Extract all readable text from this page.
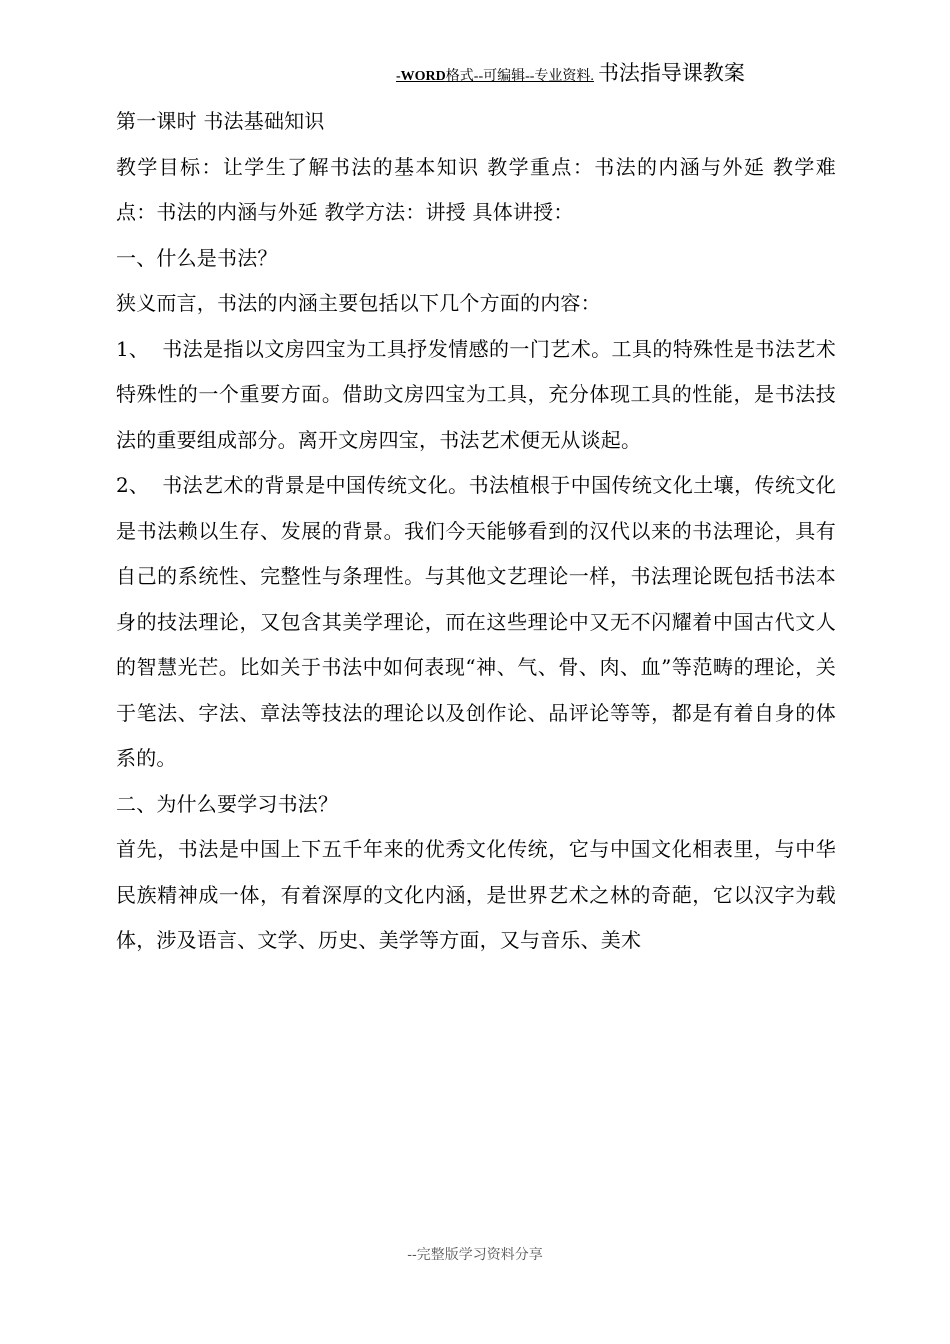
-WORD格式--可编辑--专业资料. 书法指导课教案

第一课时 书法基础知识

教学目标：让学生了解书法的基本知识 教学重点：书法的内涵与外延 教学难点：书法的内涵与外延 教学方法：讲授 具体讲授：

一、什么是书法？

狭义而言，书法的内涵主要包括以下几个方面的内容：

1、 书法是指以文房四宝为工具抒发情感的一门艺术。工具的特殊性是书法艺术特殊性的一个重要方面。借助文房四宝为工具，充分体现工具的性能，是书法技法的重要组成部分。离开文房四宝，书法艺术便无从谈起。

2、 书法艺术的背景是中国传统文化。书法植根于中国传统文化土壤，传统文化是书法赖以生存、发展的背景。我们今天能够看到的汉代以来的书法理论，具有自己的系统性、完整性与条理性。与其他文艺理论一样，书法理论既包括书法本身的技法理论，又包含其美学理论，而在这些理论中又无不闪耀着中国古代文人的智慧光芒。比如关于书法中如何表现“神、气、骨、肉、血”等范畴的理论，关于笔法、字法、章法等技法的理论以及创作论、品评论等等，都是有着自身的体系的。

二、为什么要学习书法？

首先，书法是中国上下五千年来的优秀文化传统，它与中国文化相表里，与中华民族精神成一体，有着深厚的文化内涵，是世界艺术之林的奇葩，它以汉字为载体，涉及语言、文学、历史、美学等方面，又与音乐、美术

--完整版学习资料分享
